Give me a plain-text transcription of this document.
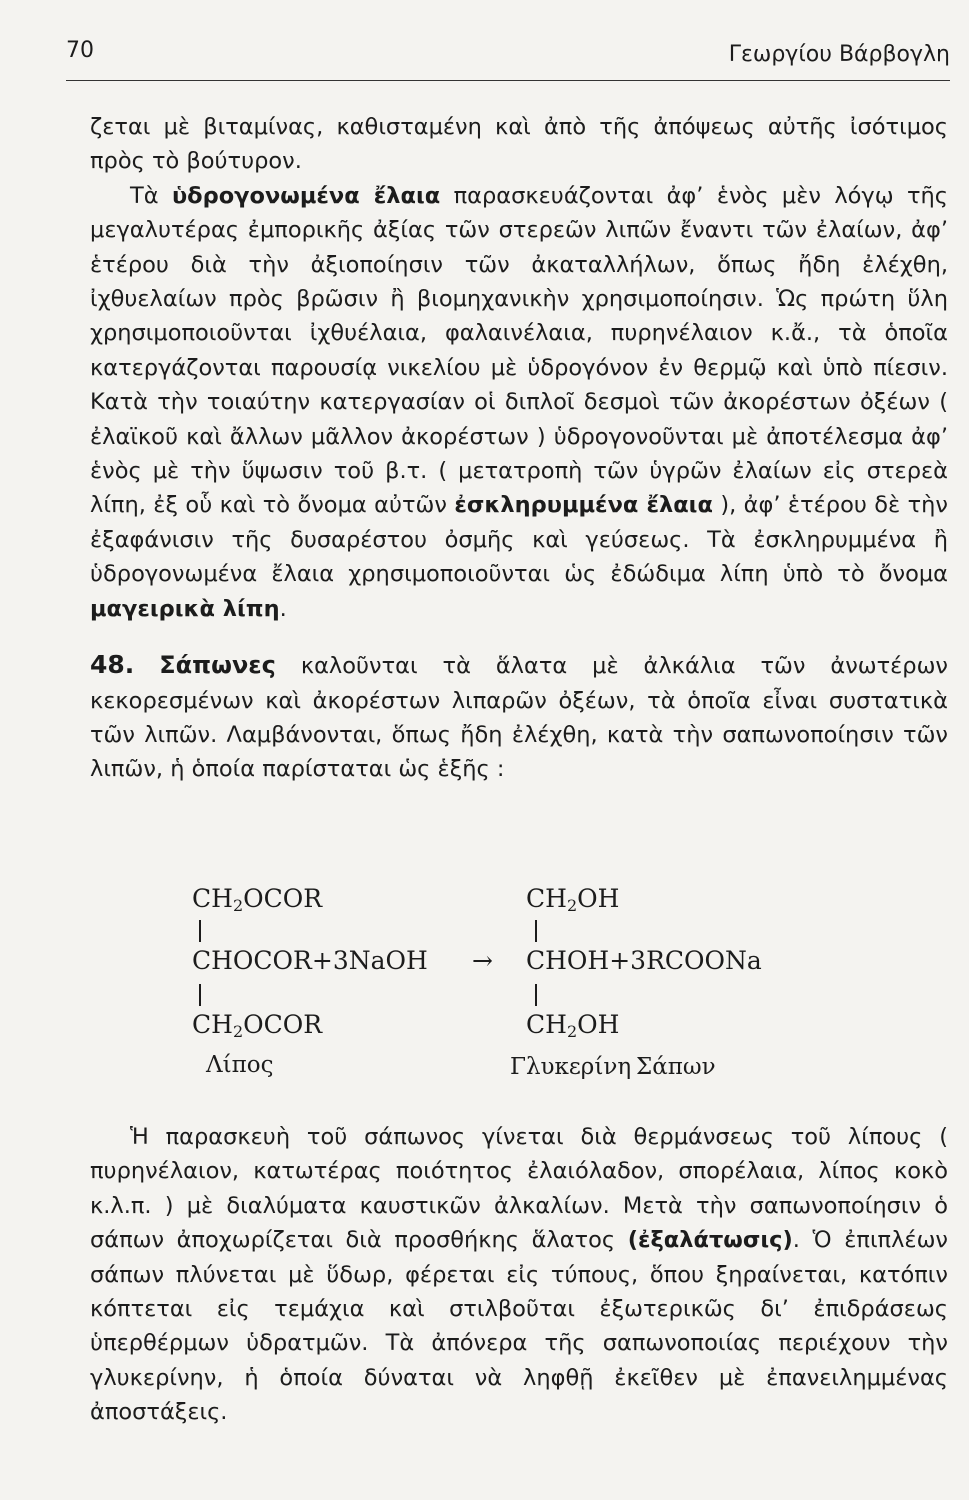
70	Γεωργίου Βάρβογλη

ζεται μὲ βιταμίνας, καθισταμένη καὶ ἀπὸ τῆς ἀπόψεως αὐτῆς ἰσότιμος πρὸς τὸ βούτυρον.

Τὰ ὑδρογονωμένα ἔλαια παρασκευάζονται ἀφ’ ἑνὸς μὲν λόγῳ τῆς μεγαλυτέρας ἐμπορικῆς ἀξίας τῶν στερεῶν λιπῶν ἔναντι τῶν ἐλαίων, ἀφ’ ἑτέρου διὰ τὴν ἀξιοποίησιν τῶν ἀκαταλλήλων, ὅπως ἤδη ἐλέχθη, ἰχθυελαίων πρὸς βρῶσιν ἢ βιομηχανικὴν χρησιμοποίησιν. Ὡς πρώτη ὕλη χρησιμοποιοῦνται ἰχθυέλαια, φαλαινέλαια, πυρηνέλαιον κ.ἄ., τὰ ὁποῖα κατεργάζονται παρουσίᾳ νικελίου μὲ ὑδρογόνον ἐν θερμῷ καὶ ὑπὸ πίεσιν. Κατὰ τὴν τοιαύτην κατεργασίαν οἱ διπλοῖ δεσμοὶ τῶν ἀκορέστων ὀξέων ( ἐλαϊκοῦ καὶ ἄλλων μᾶλλον ἀκορέστων ) ὑδρογονοῦνται μὲ ἀποτέλεσμα ἀφ’ ἑνὸς μὲ τὴν ὕψωσιν τοῦ β.τ. ( μετατροπὴ τῶν ὑγρῶν ἐλαίων εἰς στερεὰ λίπη, ἐξ οὗ καὶ τὸ ὄνομα αὐτῶν ἐσκληρυμμένα ἔλαια ), ἀφ’ ἑτέρου δὲ τὴν ἐξαφάνισιν τῆς δυσαρέστου ὀσμῆς καὶ γεύσεως. Τὰ ἐσκληρυμμένα ἢ ὑδρογονωμένα ἔλαια χρησιμοποιοῦνται ὡς ἐδώδιμα λίπη ὑπὸ τὸ ὄνομα μαγειρικὰ λίπη.

48. Σάπωνες καλοῦνται τὰ ἅλατα μὲ ἀλκάλια τῶν ἀνωτέρων κεκορεσμένων καὶ ἀκορέστων λιπαρῶν ὀξέων, τὰ ὁποῖα εἶναι συστατικὰ τῶν λιπῶν. Λαμβάνονται, ὅπως ἤδη ἐλέχθη, κατὰ τὴν σαπωνοποίησιν τῶν λιπῶν, ἡ ὁποία παρίσταται ὡς ἑξῆς :

$CH_2OCOR$
CHOCOR+3NaOH →
$CH_2OCOR$
$CH_2OH$
CHOH+3RCOONa
$CH_2OH$
Λίπος	Γλυκερίνη Σάπων

Ἡ παρασκευὴ τοῦ σάπωνος γίνεται διὰ θερμάνσεως τοῦ λίπους ( πυρηνέλαιον, κατωτέρας ποιότητος ἐλαιόλαδον, σπορέλαια, λίπος κοκὸ κ.λ.π. ) μὲ διαλύματα καυστικῶν ἀλκαλίων. Μετὰ τὴν σαπωνοποίησιν ὁ σάπων ἀποχωρίζεται διὰ προσθήκης ἅλατος (ἐξαλάτωσις). Ὁ ἐπιπλέων σάπων πλύνεται μὲ ὕδωρ, φέρεται εἰς τύπους, ὅπου ξηραίνεται, κατόπιν κόπτεται εἰς τεμάχια καὶ στιλβοῦται ἐξωτερικῶς δι’ ἐπιδράσεως ὑπερθέρμων ὑδρατμῶν. Τὰ ἀπόνερα τῆς σαπωνοποιίας περιέχουν τὴν γλυκερίνην, ἡ ὁποία δύναται νὰ ληφθῇ ἐκεῖθεν μὲ ἐπανειλημμένας ἀποστάξεις.
